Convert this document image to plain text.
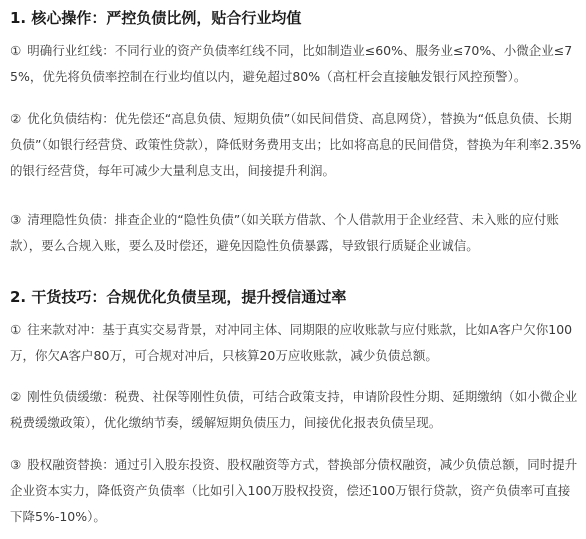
1. 核心操作：严控负债比例，贴合行业均值
① 明确行业红线：不同行业的资产负债率红线不同，比如制造业≤60%、服务业≤70%、小微企业≤75%，优先将负债率控制在行业均值以内，避免超过80%（高杠杆会直接触发银行风控预警）。
② 优化负债结构：优先偿还“高息负债、短期负债”（如民间借贷、高息网贷），替换为“低息负债、长期负债”（如银行经营贷、政策性贷款），降低财务费用支出；比如将高息的民间借贷，替换为年利率2.35%的银行经营贷，每年可减少大量利息支出，间接提升利润。
③ 清理隐性负债：排查企业的“隐性负债”（如关联方借款、个人借款用于企业经营、未入账的应付账款），要么合规入账，要么及时偿还，避免因隐性负债暴露，导致银行质疑企业诚信。
2. 干货技巧：合规优化负债呈现，提升授信通过率
① 往来款对冲：基于真实交易背景，对冲同主体、同期限的应收账款与应付账款，比如A客户欠你100万，你欠A客户80万，可合规对冲后，只核算20万应收账款，减少负债总额。
② 刚性负债缓缴：税费、社保等刚性负债，可结合政策支持，申请阶段性分期、延期缴纳（如小微企业税费缓缴政策），优化缴纳节奏，缓解短期负债压力，间接优化报表负债呈现。
③ 股权融资替换：通过引入股东投资、股权融资等方式，替换部分债权融资，减少负债总额，同时提升企业资本实力，降低资产负债率（比如引入100万股权投资，偿还100万银行贷款，资产负债率可直接下降5%-10%）。
